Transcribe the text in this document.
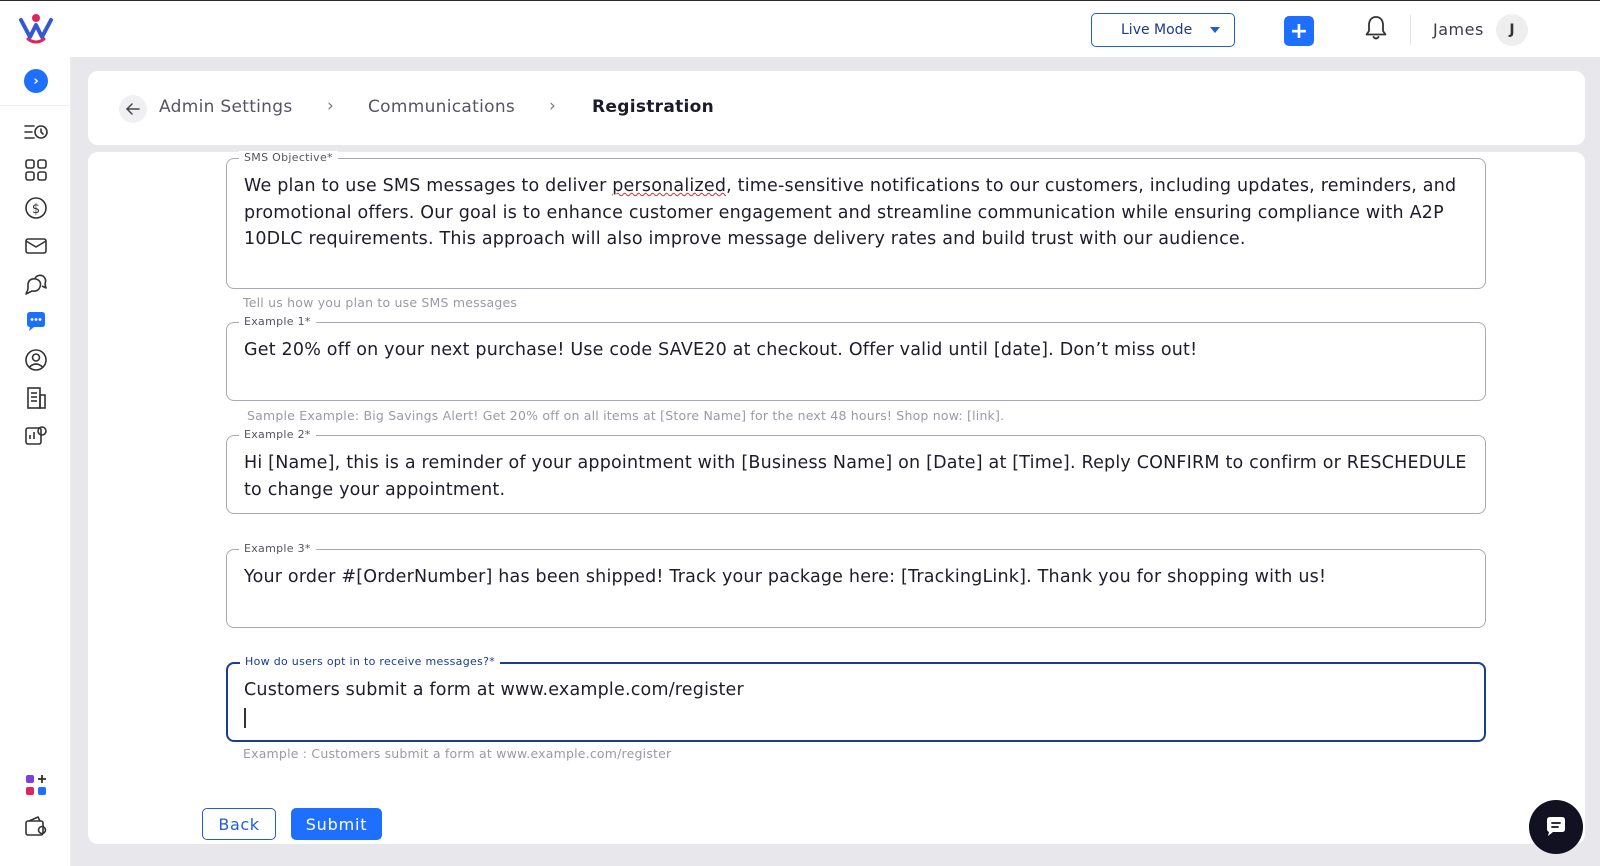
Live Mode	+	James	J
›
$
Admin Settings › Communications › Registration
SMS Objective*
We plan to use SMS messages to deliver personalized, time-sensitive notifications to our customers, including updates, reminders, and promotional offers. Our goal is to enhance customer engagement and streamline communication while ensuring compliance with A2P 10DLC requirements. This approach will also improve message delivery rates and build trust with our audience.
Tell us how you plan to use SMS messages
Example 1*
Get 20% off on your next purchase! Use code SAVE20 at checkout. Offer valid until [date]. Don’t miss out!
Sample Example: Big Savings Alert! Get 20% off on all items at [Store Name] for the next 48 hours! Shop now: [link].
Example 2*
Hi [Name], this is a reminder of your appointment with [Business Name] on [Date] at [Time]. Reply CONFIRM to confirm or RESCHEDULE to change your appointment.
Example 3*
Your order #[OrderNumber] has been shipped! Track your package here: [TrackingLink]. Thank you for shopping with us!
How do users opt in to receive messages?*
Customers submit a form at www.example.com/register
Example : Customers submit a form at www.example.com/register
Back	Submit
